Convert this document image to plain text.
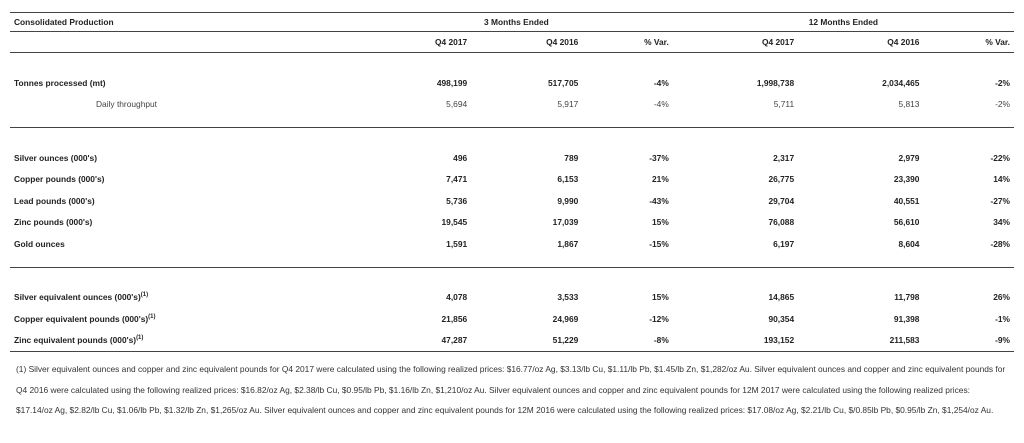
Consolidated Production	3 Months Ended			12 Months Ended		
	Q4 2017	Q4 2016	% Var.	Q4 2017	Q4 2016	% Var.

Tonnes processed (mt)	498,199	517,705	-4%	1,998,738	2,034,465	-2%
Daily throughput	5,694	5,917	-4%	5,711	5,813	-2%

Silver ounces (000's)	496	789	-37%	2,317	2,979	-22%
Copper pounds (000's)	7,471	6,153	21%	26,775	23,390	14%
Lead pounds (000's)	5,736	9,990	-43%	29,704	40,551	-27%
Zinc pounds (000's)	19,545	17,039	15%	76,088	56,610	34%
Gold ounces	1,591	1,867	-15%	6,197	8,604	-28%

Silver equivalent ounces $(000's)^{(1)}$	4,078	3,533	15%	14,865	11,798	26%
Copper equivalent pounds $(000's)^{(1)}$	21,856	24,969	-12%	90,354	91,398	-1%
Zinc equivalent pounds $(000's)^{(1)}$	47,287	51,229	-8%	193,152	211,583	-9%

(1) Silver equivalent ounces and copper and zinc equivalent pounds for Q4 2017 were calculated using the following realized prices: $16.77/oz Ag, $3.13/lb Cu, $1.11/lb Pb, $1.45/lb Zn, $1,282/oz Au. Silver equivalent ounces and copper and zinc equivalent pounds for Q4 2016 were calculated using the following realized prices: $16.82/oz Ag, $2.38/lb Cu, $0.95/lb Pb, $1.16/lb Zn, $1,210/oz Au. Silver equivalent ounces and copper and zinc equivalent pounds for 12M 2017 were calculated using the following realized prices: $17.14/oz Ag, $2.82/lb Cu, $1.06/lb Pb, $1.32/lb Zn, $1,265/oz Au. Silver equivalent ounces and copper and zinc equivalent pounds for 12M 2016 were calculated using the following realized prices: $17.08/oz Ag, $2.21/lb Cu, $/0.85lb Pb, $0.95/lb Zn, $1,254/oz Au.
